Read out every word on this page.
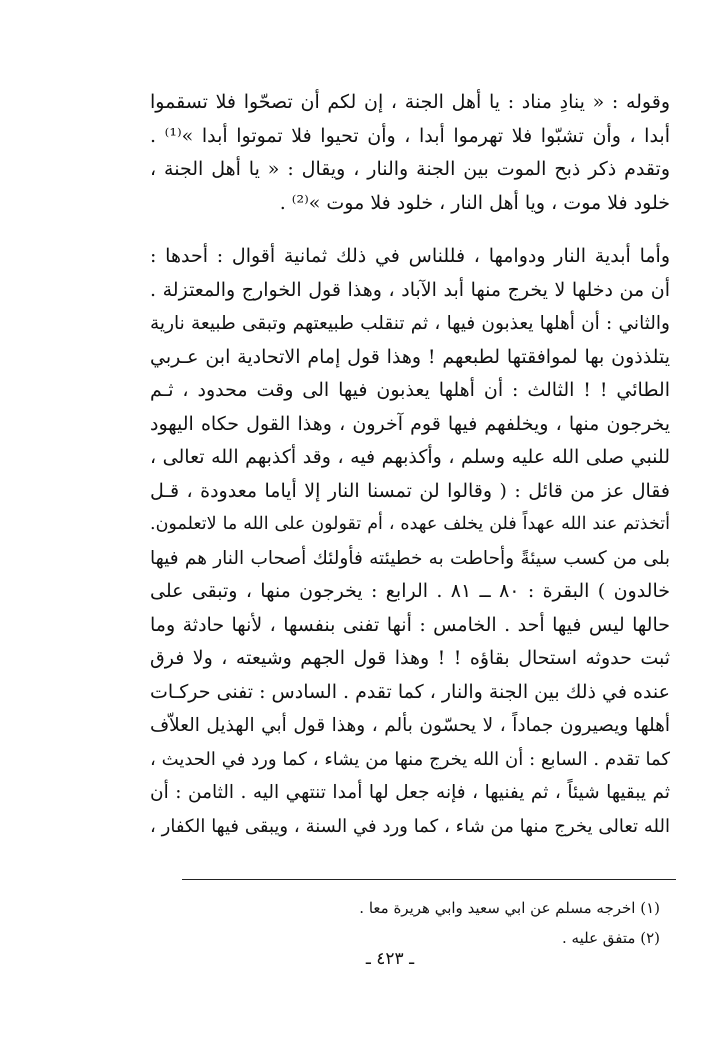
وقوله : « ينادِ مناد : يا أهل الجنة ، إن لكم أن تصحّوا فلا تسقموا
أبدا ، وأن تشبّوا فلا تهرموا أبدا ، وأن تحيوا فلا تموتوا أبدا »⁽¹⁾ .
وتقدم ذكر ذبح الموت بين الجنة والنار ، ويقال : « يا أهل الجنة ،
خلود فلا موت ، ويا أهل النار ، خلود فلا موت »⁽²⁾ .
وأما أبدية النار ودوامها ، فللناس في ذلك ثمانية أقوال : أحدها :
أن من دخلها لا يخرج منها أبد الآباد ، وهذا قول الخوارج والمعتزلة .
والثاني : أن أهلها يعذبون فيها ، ثم تنقلب طبيعتهم وتبقى طبيعة نارية
يتلذذون بها لموافقتها لطبعهم ! وهذا قول إمام الاتحادية ابن عـربي
الطائي ! ! الثالث : أن أهلها يعذبون فيها الى وقت محدود ، ثـم
يخرجون منها ، ويخلفهم فيها قوم آخرون ، وهذا القول حكاه اليهود
للنبي صلى الله عليه وسلم ، وأكذبهم فيه ، وقد أكذبهم الله تعالى ،
فقال عز من قائل : ( وقالوا لن تمسنا النار إلا أياما معدودة ، قـل
أتخذتم عند الله عهداً فلن يخلف عهده ، أم تقولون على الله ما لاتعلمون.
بلى من كسب سيئةً وأحاطت به خطيئته فأولئك أصحاب النار هم فيها
خالدون ) البقرة : ٨٠ ــ ٨١ . الرابع : يخرجون منها ، وتبقى على
حالها ليس فيها أحد . الخامس : أنها تفنى بنفسها ، لأنها حادثة وما
ثبت حدوثه استحال بقاؤه ! ! وهذا قول الجهم وشيعته ، ولا فرق
عنده في ذلك بين الجنة والنار ، كما تقدم . السادس : تفنى حركـات
أهلها ويصيرون جماداً ، لا يحسّون بألم ، وهذا قول أبي الهذيل العلاّف
كما تقدم . السابع : أن الله يخرج منها من يشاء ، كما ورد في الحديث ،
ثم يبقيها شيئاً ، ثم يفنيها ، فإنه جعل لها أمدا تنتهي اليه . الثامن : أن
الله تعالى يخرج منها من شاء ، كما ورد في السنة ، ويبقى فيها الكفار ،
(١) اخرجه مسلم عن ابي سعيد وابي هريرة معا .
(٢) متفق عليه .
ـ ٤٢٣ ـ
